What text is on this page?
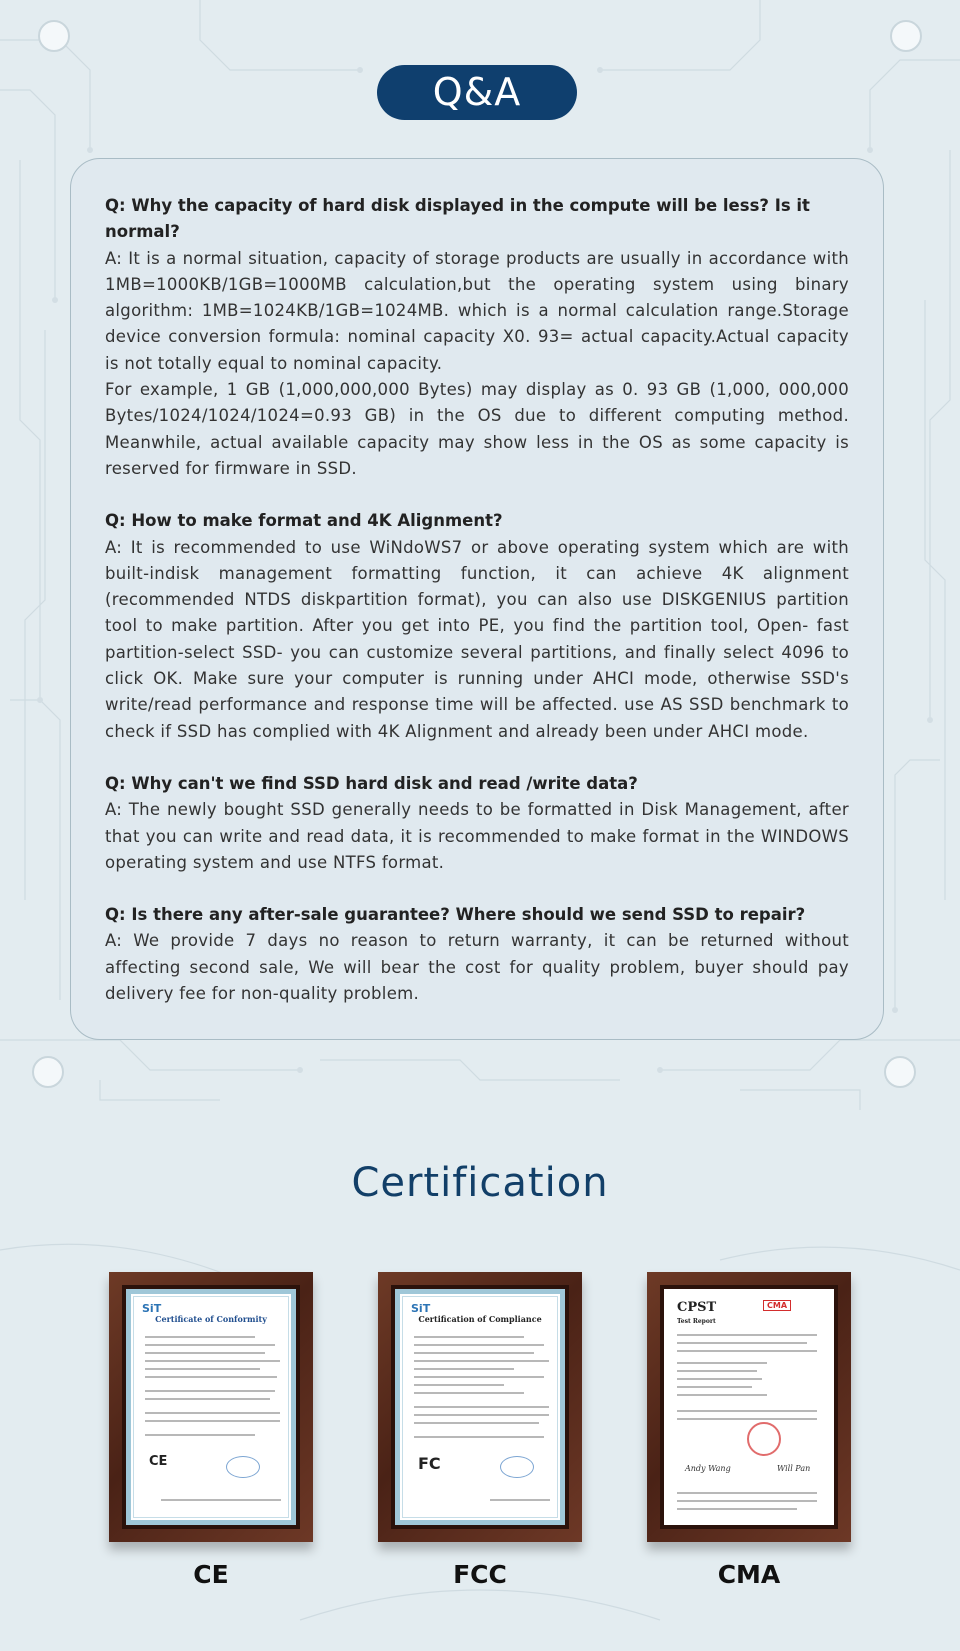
Q&A
Q: Why the capacity of hard disk displayed in the compute will be less? Is it normal?
A: It is a normal situation, capacity of storage products are usually in accordance with 1MB=1000KB/1GB=1000MB calculation,but the operating system using binary algorithm: 1MB=1024KB/1GB=1024MB. which is a normal calculation range.Storage device conversion formula: nominal capacity X0. 93= actual capacity.Actual capacity is not totally equal to nominal capacity.
For example, 1 GB (1,000,000,000 Bytes) may display as 0. 93 GB (1,000, 000,000 Bytes/1024/1024/1024=0.93 GB) in the OS due to different computing method. Meanwhile, actual available capacity may show less in the OS as some capacity is reserved for firmware in SSD.
Q: How to make format and 4K Alignment?
A: It is recommended to use WiNdoWS7 or above operating system which are with built-indisk management formatting function, it can achieve 4K alignment (recommended NTDS diskpartition format), you can also use DISKGENIUS partition tool to make partition. After you get into PE, you find the partition tool, Open- fast partition-select SSD- you can customize several partitions, and finally select 4096 to click OK. Make sure your computer is running under AHCI mode, otherwise SSD's write/read performance and response time will be affected. use AS SSD benchmark to check if SSD has complied with 4K Alignment and already been under AHCI mode.
Q: Why can't we find SSD hard disk and read /write data?
A: The newly bought SSD generally needs to be formatted in Disk Management, after that you can write and read data, it is recommended to make format in the WINDOWS operating system and use NTFS format.
Q: Is there any after-sale guarantee? Where should we send SSD to repair?
A: We provide 7 days no reason to return warranty, it can be returned without affecting second sale, We will bear the cost for quality problem, buyer should pay delivery fee for non-quality problem.
Certification
SiT
Certificate of Conformity
CE
SiT
Certification of Compliance
FC
CPST	CMA
Test Report
Andy Wang	Will Pan
CE	FCC	CMA
